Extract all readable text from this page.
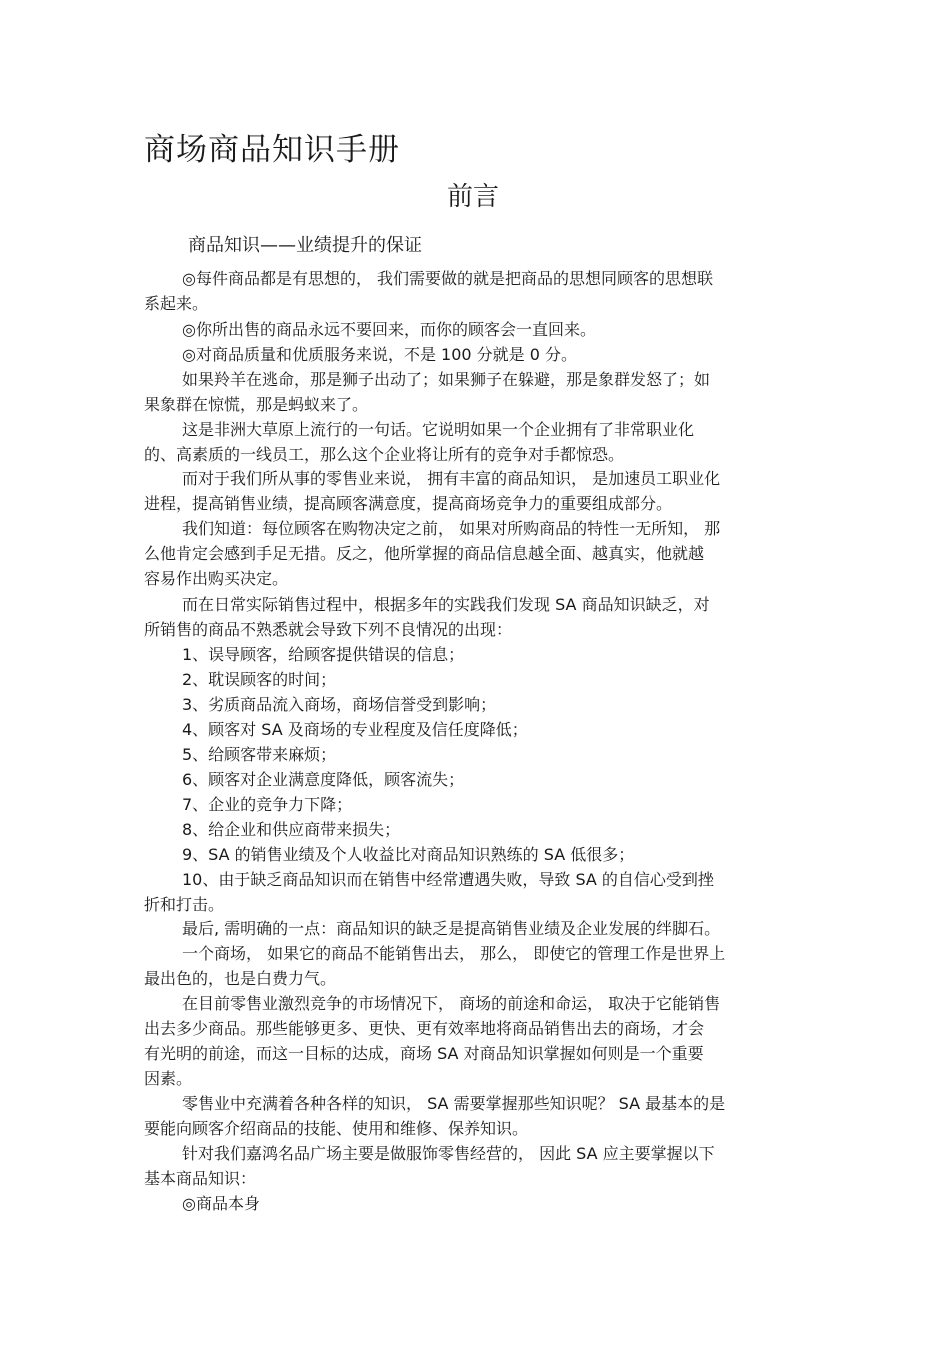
商场商品知识手册
前言
商品知识——业绩提升的保证
◎每件商品都是有思想的， 我们需要做的就是把商品的思想同顾客的思想联
系起来。
◎你所出售的商品永远不要回来，而你的顾客会一直回来。
◎对商品质量和优质服务来说，不是 100 分就是 0 分。
如果羚羊在逃命，那是狮子出动了；如果狮子在躲避，那是象群发怒了；如
果象群在惊慌，那是蚂蚁来了。
这是非洲大草原上流行的一句话。它说明如果一个企业拥有了非常职业化
的、高素质的一线员工，那么这个企业将让所有的竞争对手都惊恐。
而对于我们所从事的零售业来说， 拥有丰富的商品知识， 是加速员工职业化
进程，提高销售业绩，提高顾客满意度，提高商场竞争力的重要组成部分。
我们知道：每位顾客在购物决定之前， 如果对所购商品的特性一无所知， 那
么他肯定会感到手足无措。反之，他所掌握的商品信息越全面、越真实，他就越
容易作出购买决定。
而在日常实际销售过程中，根据多年的实践我们发现 SA 商品知识缺乏，对
所销售的商品不熟悉就会导致下列不良情况的出现：
1、误导顾客，给顾客提供错误的信息；
2、耽误顾客的时间；
3、劣质商品流入商场，商场信誉受到影响；
4、顾客对 SA 及商场的专业程度及信任度降低；
5、给顾客带来麻烦；
6、顾客对企业满意度降低，顾客流失；
7、企业的竞争力下降；
8、给企业和供应商带来损失；
9、SA 的销售业绩及个人收益比对商品知识熟练的 SA 低很多；
10、由于缺乏商品知识而在销售中经常遭遇失败，导致 SA 的自信心受到挫
折和打击。
最后, 需明确的一点：商品知识的缺乏是提高销售业绩及企业发展的绊脚石。
一个商场， 如果它的商品不能销售出去， 那么， 即使它的管理工作是世界上
最出色的，也是白费力气。
在目前零售业激烈竞争的市场情况下， 商场的前途和命运， 取决于它能销售
出去多少商品。那些能够更多、更快、更有效率地将商品销售出去的商场，才会
有光明的前途，而这一目标的达成，商场 SA 对商品知识掌握如何则是一个重要
因素。
零售业中充满着各种各样的知识， SA 需要掌握那些知识呢？ SA 最基本的是
要能向顾客介绍商品的技能、使用和维修、保养知识。
针对我们嘉鸿名品广场主要是做服饰零售经营的， 因此 SA 应主要掌握以下
基本商品知识：
◎商品本身
